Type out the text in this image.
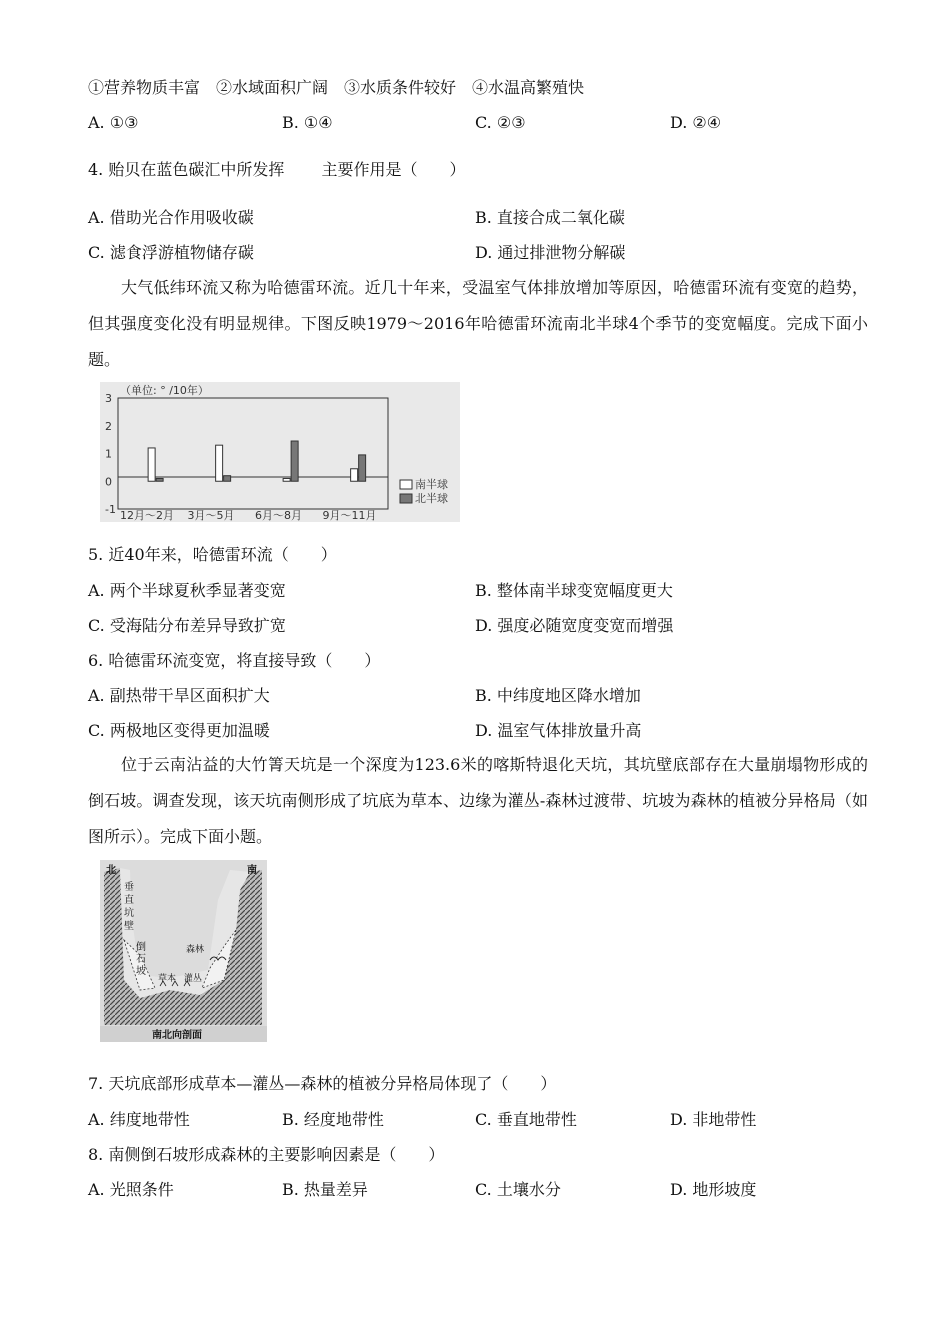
①营养物质丰富　②水域面积广阔　③水质条件较好　④水温高繁殖快
A. ①③	B. ①④	C. ②③	D. ②④
4. 贻贝在蓝色碳汇中所发挥　　 主要作用是（　　）
A. 借助光合作用吸收碳	B. 直接合成二氧化碳
C. 滤食浮游植物储存碳	D. 通过排泄物分解碳
大气低纬环流又称为哈德雷环流。近几十年来，受温室气体排放增加等原因，哈德雷环流有变宽的趋势，但其强度变化没有明显规律。下图反映1979～2016年哈德雷环流南北半球4个季节的变宽幅度。完成下面小题。
（单位: ° /10年）
3
2
1
0
-1 12月～2月 3月～5月 6月～8月 9月～11月
南半球
北半球
5. 近40年来，哈德雷环流（　　）
A. 两个半球夏秋季显著变宽	B. 整体南半球变宽幅度更大
C. 受海陆分布差异导致扩宽	D. 强度必随宽度变宽而增强
6. 哈德雷环流变宽，将直接导致（　　）
A. 副热带干旱区面积扩大	B. 中纬度地区降水增加
C. 两极地区变得更加温暖	D. 温室气体排放量升高
位于云南沾益的大竹箐天坑是一个深度为123.6米的喀斯特退化天坑，其坑壁底部存在大量崩塌物形成的倒石坡。调查发现，该天坑南侧形成了坑底为草本、边缘为灌丛-森林过渡带、坑坡为森林的植被分异格局（如图所示）。完成下面小题。
北	南
垂
直
坑
壁
倒
石
坡
森林
草本 灌丛
南北向剖面
7. 天坑底部形成草本—灌丛—森林的植被分异格局体现了（　　）
A. 纬度地带性	B. 经度地带性	C. 垂直地带性	D. 非地带性
8. 南侧倒石坡形成森林的主要影响因素是（　　）
A. 光照条件	B. 热量差异	C. 土壤水分	D. 地形坡度
